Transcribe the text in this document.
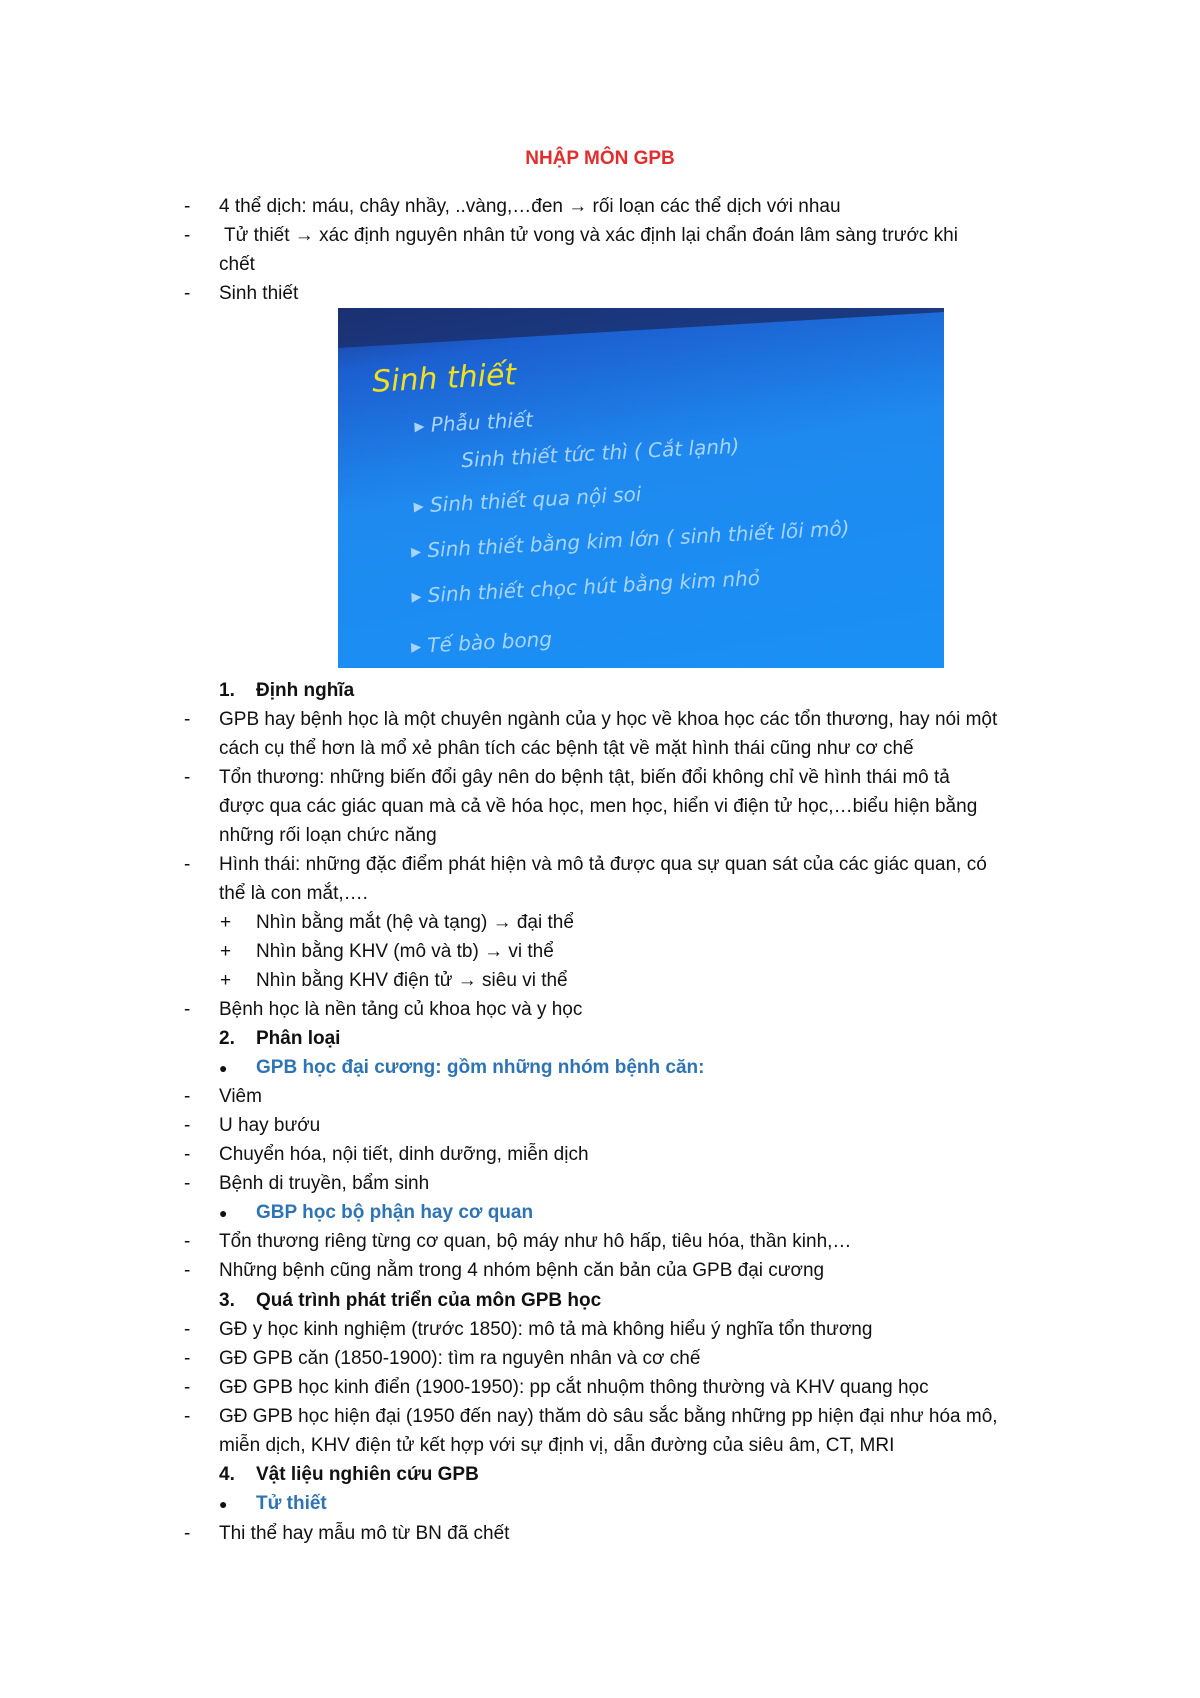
NHẬP MÔN GPB
- 4 thể dịch: máu, chây nhầy, ..vàng,…đen → rối loạn các thể dịch với nhau
- Tử thiết → xác định nguyên nhân tử vong và xác định lại chẩn đoán lâm sàng trước khi
chết
- Sinh thiết
Sinh thiết
▸ Phẫu thiết
Sinh thiết tức thì ( Cắt lạnh)
▸ Sinh thiết qua nội soi
▸ Sinh thiết bằng kim lớn ( sinh thiết lõi mô)
▸ Sinh thiết chọc hút bằng kim nhỏ
▸ Tế bào bong
1. Định nghĩa
- GPB hay bệnh học là một chuyên ngành của y học về khoa học các tổn thương, hay nói một
cách cụ thể hơn là mổ xẻ phân tích các bệnh tật về mặt hình thái cũng như cơ chế
- Tổn thương: những biến đổi gây nên do bệnh tật, biến đổi không chỉ về hình thái mô tả
được qua các giác quan mà cả về hóa học, men học, hiển vi điện tử học,…biểu hiện bằng
những rối loạn chức năng
- Hình thái: những đặc điểm phát hiện và mô tả được qua sự quan sát của các giác quan, có
thể là con mắt,….
+ Nhìn bằng mắt (hệ và tạng) → đại thể
+ Nhìn bằng KHV (mô và tb) → vi thể
+ Nhìn bằng KHV điện tử → siêu vi thể
- Bệnh học là nền tảng củ khoa học và y học
2. Phân loại
● GPB học đại cương: gồm những nhóm bệnh căn:
- Viêm
- U hay bướu
- Chuyển hóa, nội tiết, dinh dưỡng, miễn dịch
- Bệnh di truyền, bẩm sinh
● GBP học bộ phận hay cơ quan
- Tổn thương riêng từng cơ quan, bộ máy như hô hấp, tiêu hóa, thần kinh,…
- Những bệnh cũng nằm trong 4 nhóm bệnh căn bản của GPB đại cương
3. Quá trình phát triển của môn GPB học
- GĐ y học kinh nghiệm (trước 1850): mô tả mà không hiểu ý nghĩa tổn thương
- GĐ GPB căn (1850-1900): tìm ra nguyên nhân và cơ chế
- GĐ GPB học kinh điển (1900-1950): pp cắt nhuộm thông thường và KHV quang học
- GĐ GPB học hiện đại (1950 đến nay) thăm dò sâu sắc bằng những pp hiện đại như hóa mô,
miễn dịch, KHV điện tử kết hợp với sự định vị, dẫn đường của siêu âm, CT, MRI
4. Vật liệu nghiên cứu GPB
● Tử thiết
- Thi thể hay mẫu mô từ BN đã chết
